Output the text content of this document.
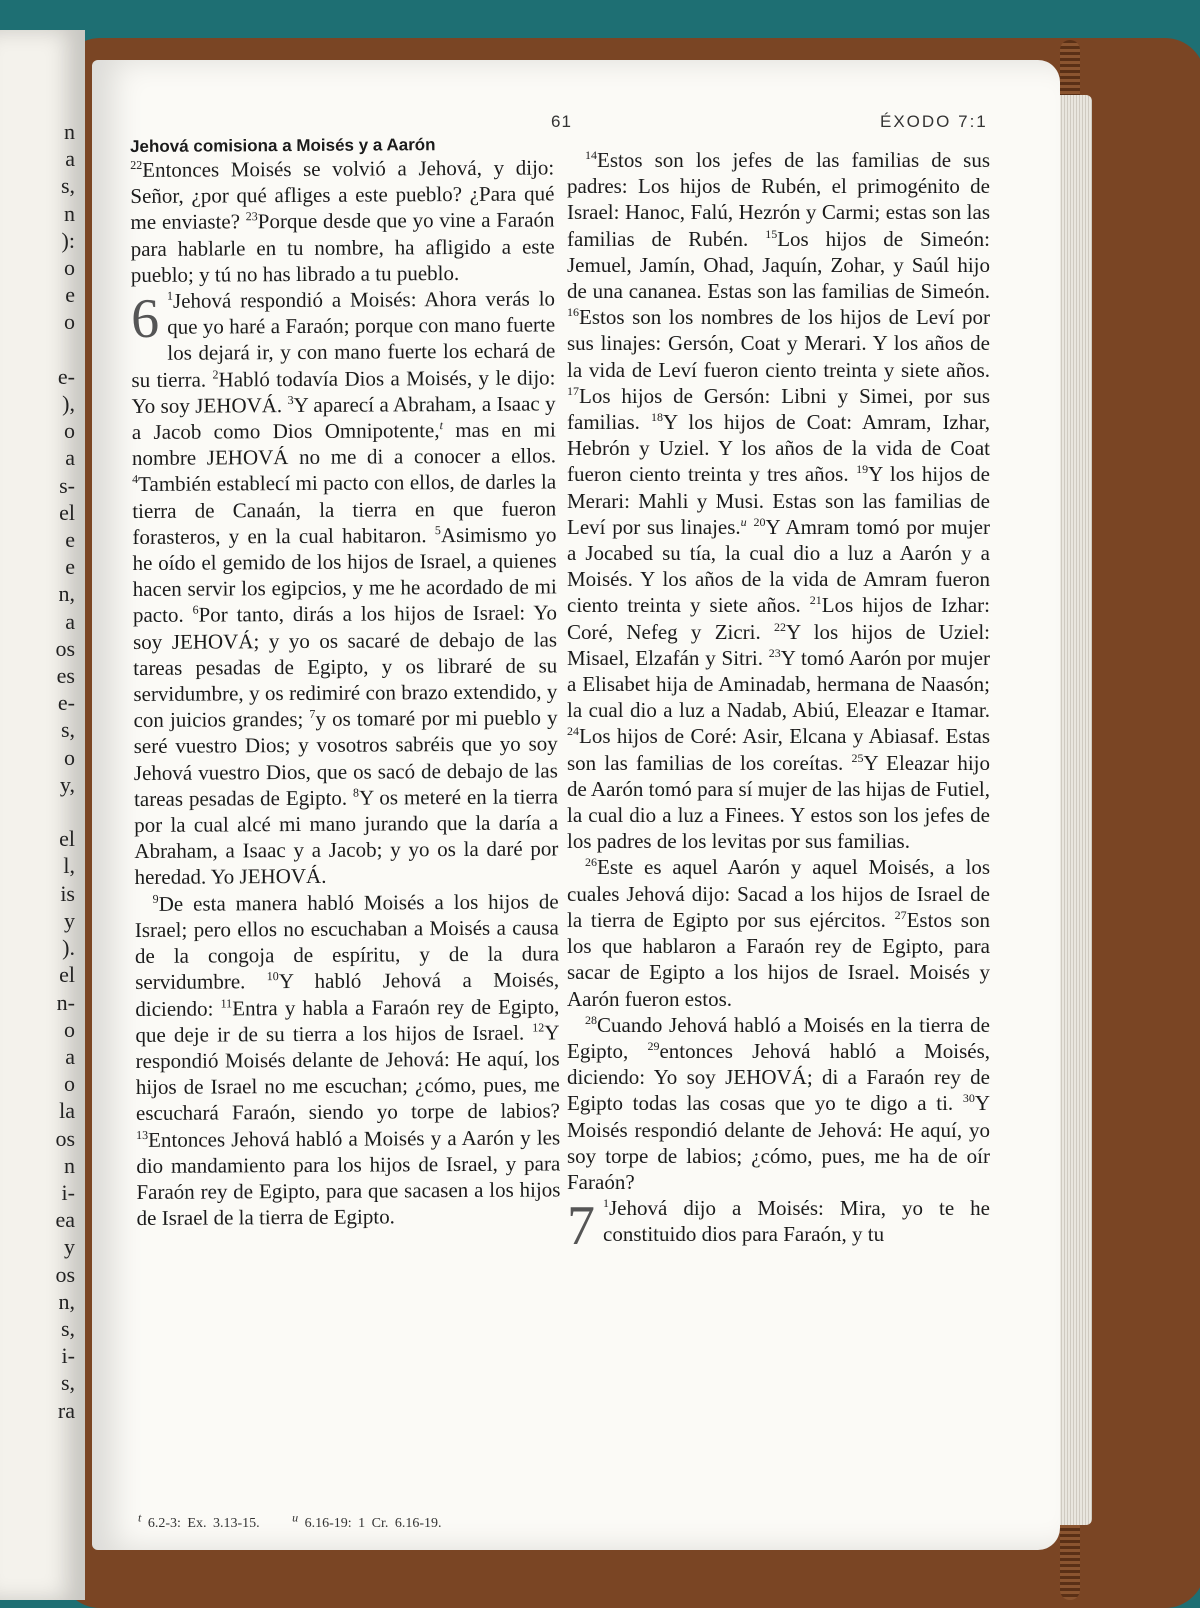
n
a
s,
n
):
o
e
o

e-
),
o
a
s-
el
e
e
n,
a
os
es
e-
s,
o
y,

el
l,
is
y
).
el
n-
o
a
o
la
os
n
i-
ea
y
os
n,
s,
i-
s,
ra
61	ÉXODO 7:1
Jehová comisiona a Moisés y a Aarón

$^{22}$Entonces Moisés se volvió a Jehová, y dijo: Señor, ¿por qué afliges a este pueblo? ¿Para qué me enviaste? $^{23}$Porque desde que yo vine a Faraón para hablarle en tu nombre, ha afligido a este pueblo; y tú no has librado a tu pueblo.

6 $^1$Jehová respondió a Moisés: Ahora verás lo que yo haré a Faraón; porque con mano fuerte los dejará ir, y con mano fuerte los echará de su tierra. $^2$Habló todavía Dios a Moisés, y le dijo: Yo soy JEHOVÁ. $^3$Y aparecí a Abraham, a Isaac y a Jacob como Dios Omnipotente,$^t$ mas en mi nombre JEHOVÁ no me di a conocer a ellos. $^4$También establecí mi pacto con ellos, de darles la tierra de Canaán, la tierra en que fueron forasteros, y en la cual habitaron. $^5$Asimismo yo he oído el gemido de los hijos de Israel, a quienes hacen servir los egipcios, y me he acordado de mi pacto. $^6$Por tanto, dirás a los hijos de Israel: Yo soy JEHOVÁ; y yo os sacaré de debajo de las tareas pesadas de Egipto, y os libraré de su servidumbre, y os redimiré con brazo extendido, y con juicios grandes; $^7$y os tomaré por mi pueblo y seré vuestro Dios; y vosotros sabréis que yo soy Jehová vuestro Dios, que os sacó de debajo de las tareas pesadas de Egipto. $^8$Y os meteré en la tierra por la cual alcé mi mano jurando que la daría a Abraham, a Isaac y a Jacob; y yo os la daré por heredad. Yo JEHOVÁ.

$^9$De esta manera habló Moisés a los hijos de Israel; pero ellos no escuchaban a Moisés a causa de la congoja de espíritu, y de la dura servidumbre. $^{10}$Y habló Jehová a Moisés, diciendo: $^{11}$Entra y habla a Faraón rey de Egipto, que deje ir de su tierra a los hijos de Israel. $^{12}$Y respondió Moisés delante de Jehová: He aquí, los hijos de Israel no me escuchan; ¿cómo, pues, me escuchará Faraón, siendo yo torpe de labios? $^{13}$Entonces Jehová habló a Moisés y a Aarón y les dio mandamiento para los hijos de Israel, y para Faraón rey de Egipto, para que sacasen a los hijos de Israel de la tierra de Egipto.

$^{14}$Estos son los jefes de las familias de sus padres: Los hijos de Rubén, el primogénito de Israel: Hanoc, Falú, Hezrón y Carmi; estas son las familias de Rubén. $^{15}$Los hijos de Simeón: Jemuel, Jamín, Ohad, Jaquín, Zohar, y Saúl hijo de una cananea. Estas son las familias de Simeón. $^{16}$Estos son los nombres de los hijos de Leví por sus linajes: Gersón, Coat y Merari. Y los años de la vida de Leví fueron ciento treinta y siete años. $^{17}$Los hijos de Gersón: Libni y Simei, por sus familias. $^{18}$Y los hijos de Coat: Amram, Izhar, Hebrón y Uziel. Y los años de la vida de Coat fueron ciento treinta y tres años. $^{19}$Y los hijos de Merari: Mahli y Musi. Estas son las familias de Leví por sus linajes.$^u$ $^{20}$Y Amram tomó por mujer a Jocabed su tía, la cual dio a luz a Aarón y a Moisés. Y los años de la vida de Amram fueron ciento treinta y siete años. $^{21}$Los hijos de Izhar: Coré, Nefeg y Zicri. $^{22}$Y los hijos de Uziel: Misael, Elzafán y Sitri. $^{23}$Y tomó Aarón por mujer a Elisabet hija de Aminadab, hermana de Naasón; la cual dio a luz a Nadab, Abiú, Eleazar e Itamar. $^{24}$Los hijos de Coré: Asir, Elcana y Abiasaf. Estas son las familias de los coreítas. $^{25}$Y Eleazar hijo de Aarón tomó para sí mujer de las hijas de Futiel, la cual dio a luz a Finees. Y estos son los jefes de los padres de los levitas por sus familias.

$^{26}$Este es aquel Aarón y aquel Moisés, a los cuales Jehová dijo: Sacad a los hijos de Israel de la tierra de Egipto por sus ejércitos. $^{27}$Estos son los que hablaron a Faraón rey de Egipto, para sacar de Egipto a los hijos de Israel. Moisés y Aarón fueron estos.

$^{28}$Cuando Jehová habló a Moisés en la tierra de Egipto, $^{29}$entonces Jehová habló a Moisés, diciendo: Yo soy JEHOVÁ; di a Faraón rey de Egipto todas las cosas que yo te digo a ti. $^{30}$Y Moisés respondió delante de Jehová: He aquí, yo soy torpe de labios; ¿cómo, pues, me ha de oír Faraón?

7 $^1$Jehová dijo a Moisés: Mira, yo te he constituido dios para Faraón, y tu

$^t$ 6.2-3: Ex. 3.13-15.	$^u$ 6.16-19: 1 Cr. 6.16-19.
